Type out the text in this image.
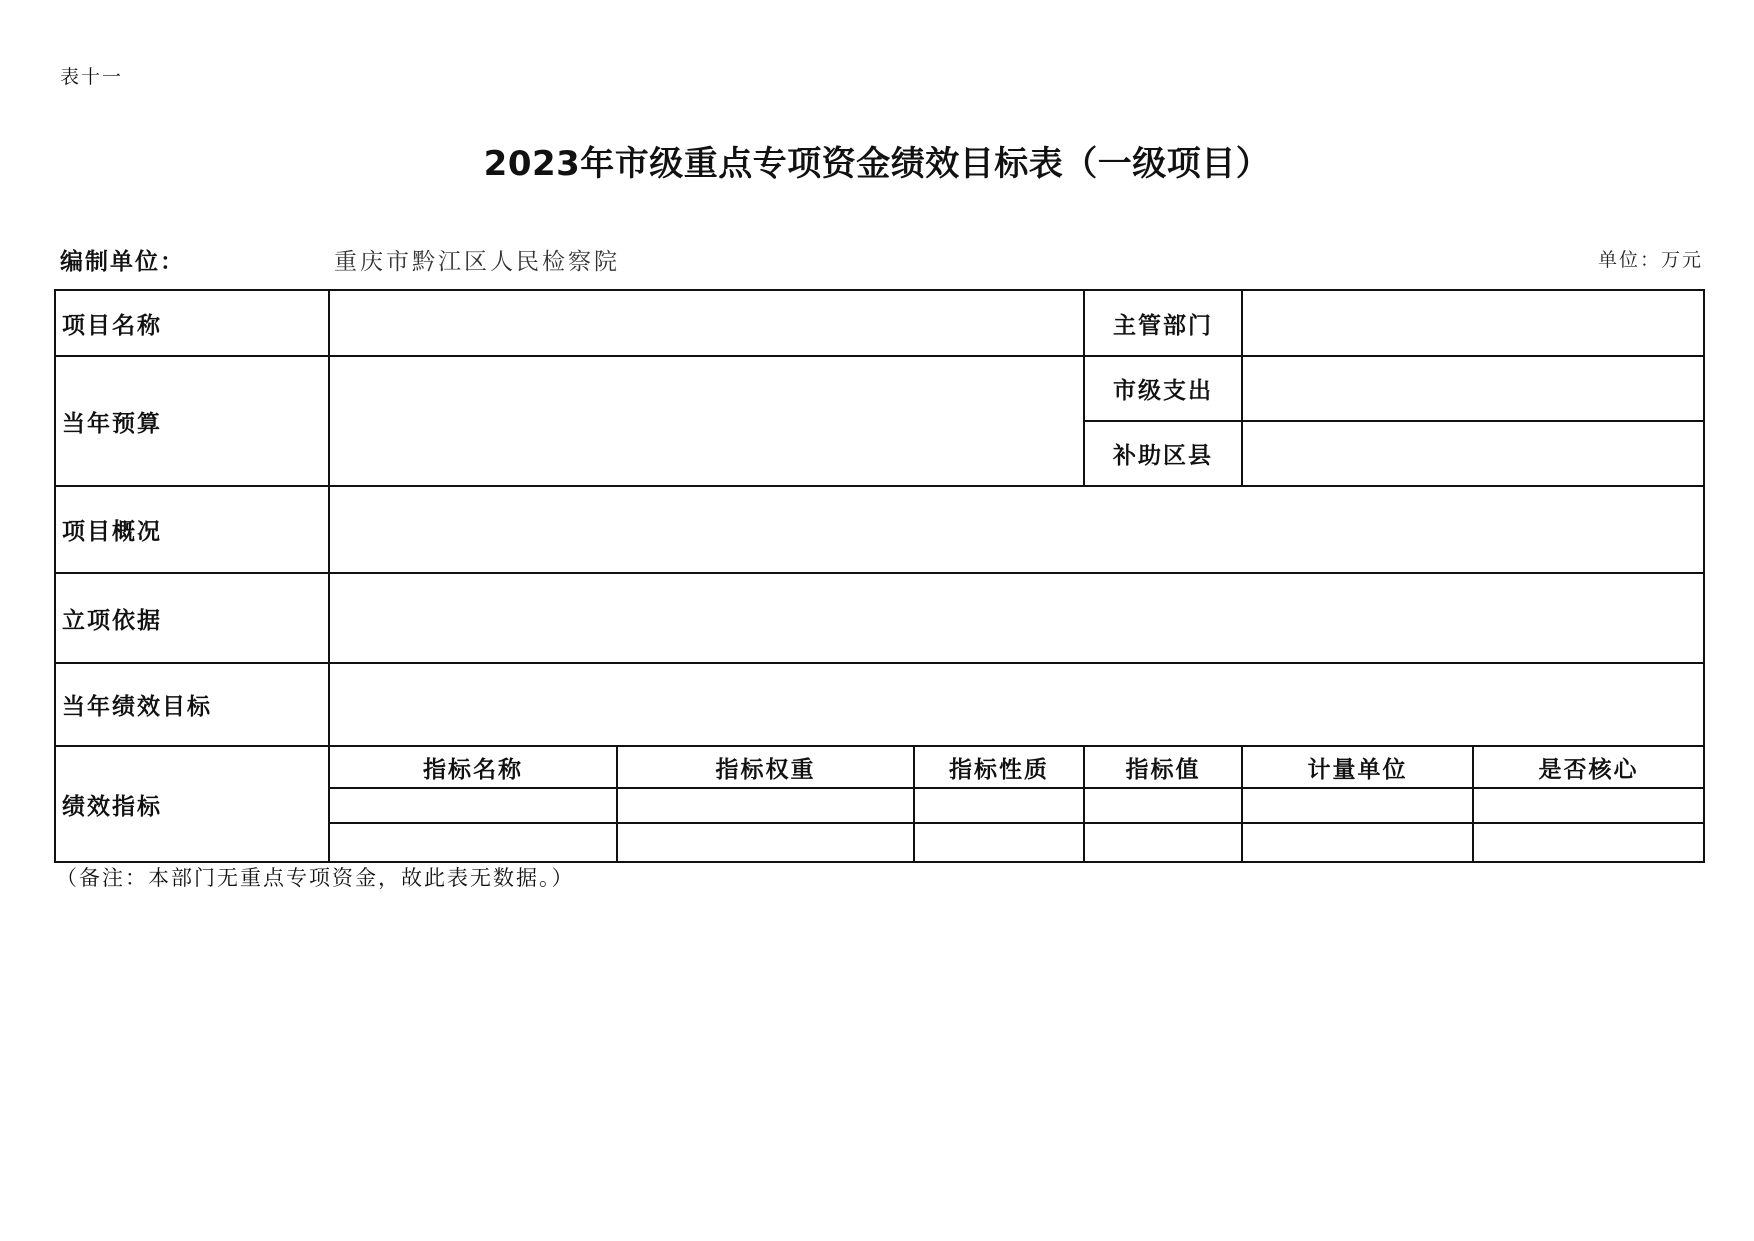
表十一
2023年市级重点专项资金绩效目标表（一级项目）
编制单位：	重庆市黔江区人民检察院	单位：万元
项目名称	主管部门
当年预算
市级支出
补助区县
项目概况
立项依据
当年绩效目标
绩效指标
指标名称	指标权重	指标性质	指标值	计量单位	是否核心
（备注：本部门无重点专项资金，故此表无数据。）
